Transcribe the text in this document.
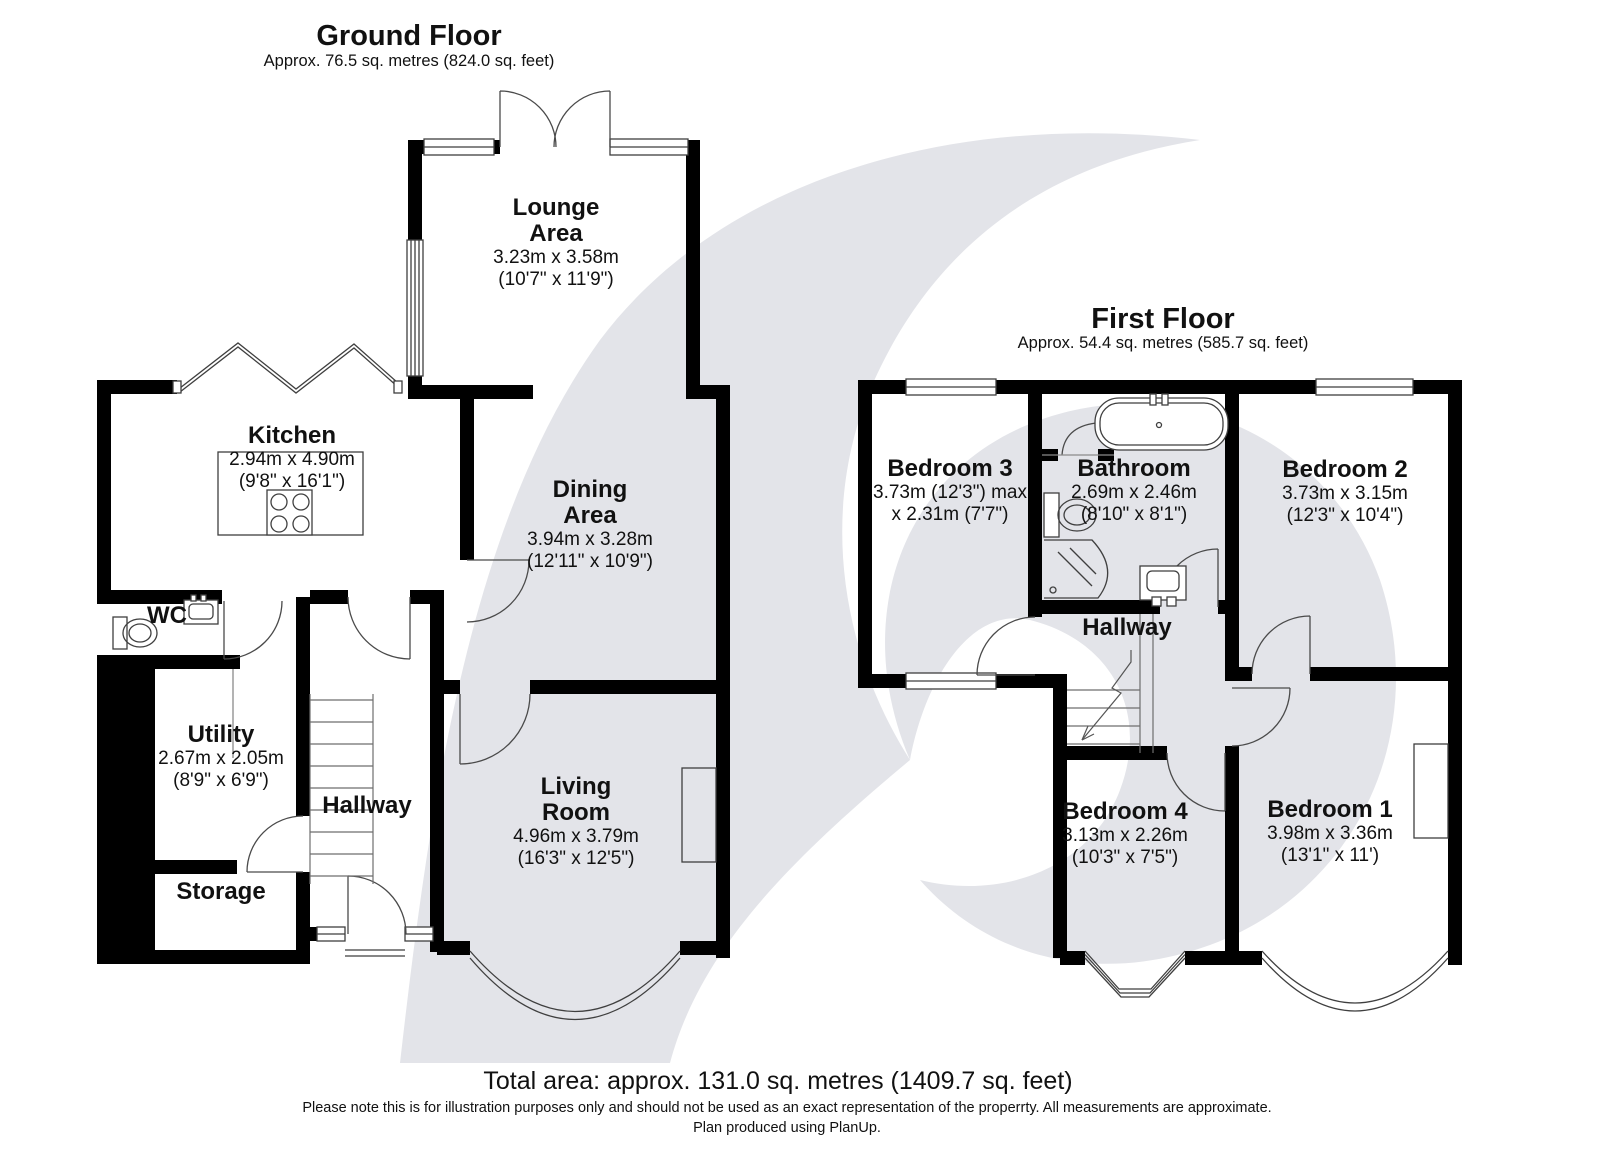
Ground Floor
Approx. 76.5 sq. metres (824.0 sq. feet)
Lounge
Area
3.23m x 3.58m
(10'7" x 11'9")
Kitchen
2.94m x 4.90m
(9'8" x 16'1")	Dining
Area
3.94m x 3.28m
(12'11" x 10'9")
WC
Utility
2.67m x 2.05m
(8'9" x 6'9")
Hallway
Storage
Living
Room
4.96m x 3.79m
(16'3" x 12'5")
First Floor
Approx. 54.4 sq. metres (585.7 sq. feet)
Bedroom 3
3.73m (12'3") max
x 2.31m (7'7")
Bathroom
2.69m x 2.46m
(8'10" x 8'1")
Bedroom 2
3.73m x 3.15m
(12'3" x 10'4")
Hallway
Bedroom 4
3.13m x 2.26m
(10'3" x 7'5")
Bedroom 1
3.98m x 3.36m
(13'1" x 11')
Total area: approx. 131.0 sq. metres (1409.7 sq. feet)
Please note this is for illustration purposes only and should not be used as an exact representation of the properrty. All measurements are approximate.
Plan produced using PlanUp.
